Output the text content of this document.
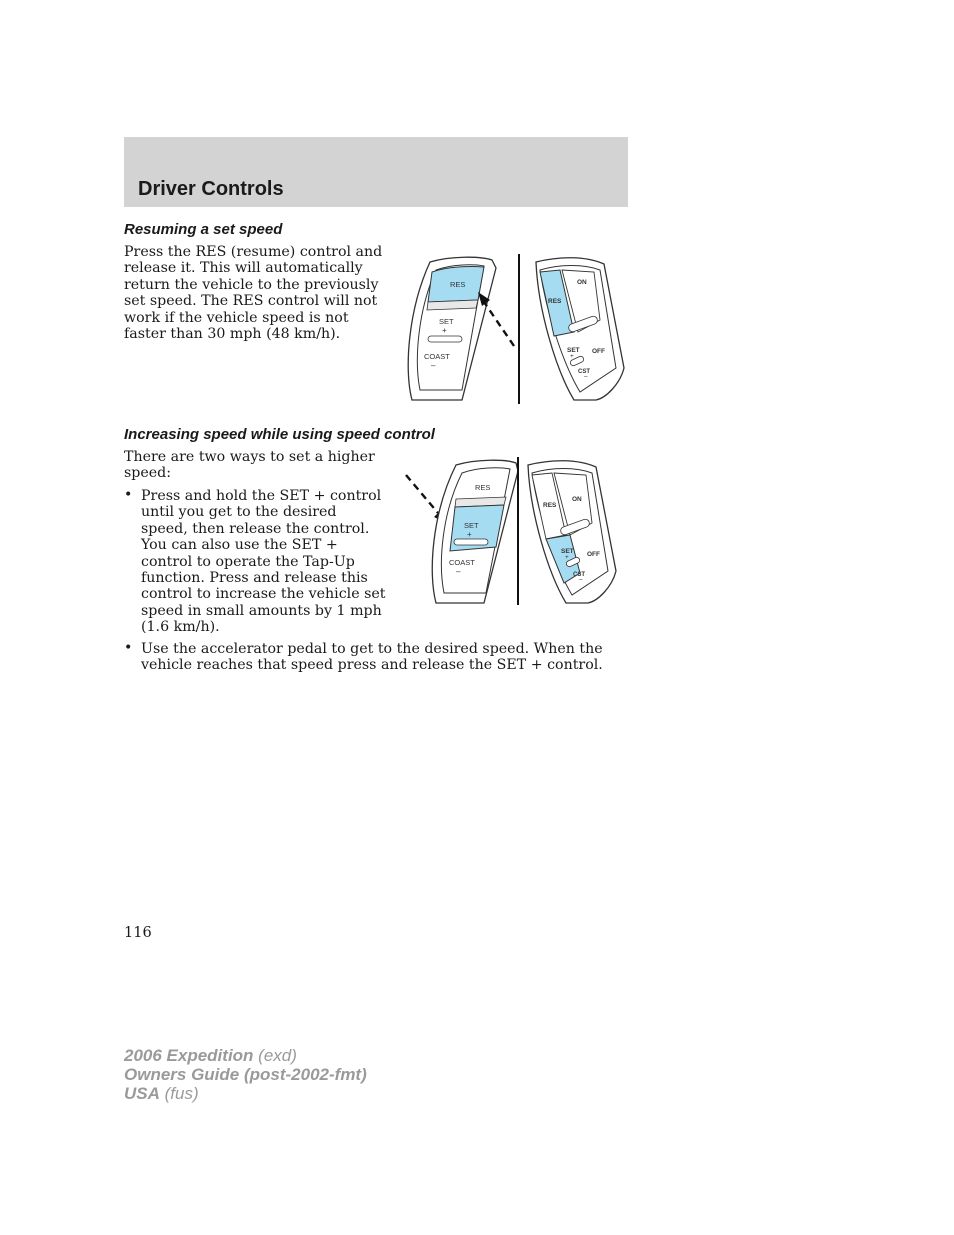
Driver Controls
Resuming a set speed
Press the RES (resume) control and
release it. This will automatically
return the vehicle to the previously
set speed. The RES control will not
work if the vehicle speed is not
faster than 30 mph (48 km/h).
RES
SET
+
COAST
–
RES
ON
SET
+
OFF
CST
–
Increasing speed while using speed control
There are two ways to set a higher
speed:
• Press and hold the SET + control
until you get to the desired
speed, then release the control.
You can also use the SET +
control to operate the Tap-Up
function. Press and release this
control to increase the vehicle set
speed in small amounts by 1 mph
(1.6 km/h).
• Use the accelerator pedal to get to the desired speed. When the
vehicle reaches that speed press and release the SET + control.
RES
SET
+
COAST
–
RES
ON
SET
+	OFF
CST
–
116
2006 Expedition (exd)
Owners Guide (post-2002-fmt)
USA (fus)
